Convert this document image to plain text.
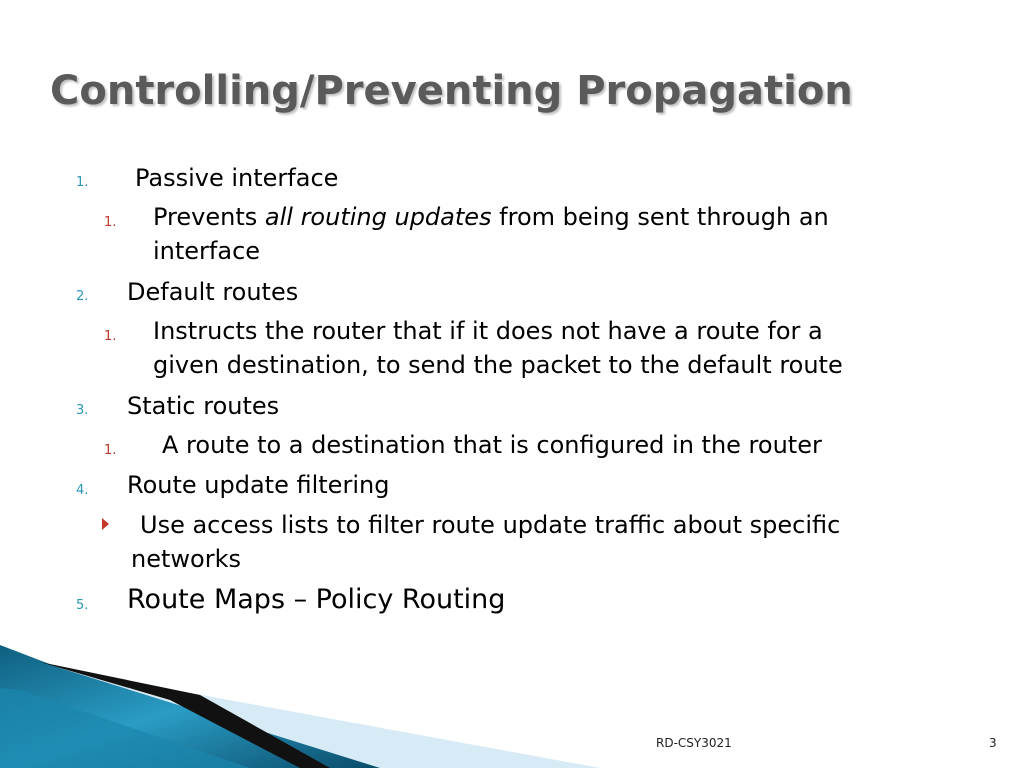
Controlling/Preventing Propagation
1. Passive interface
1. Prevents all routing updates from being sent through an
interface
2. Default routes
1. Instructs the router that if it does not have a route for a
given destination, to send the packet to the default route
3. Static routes
1. A route to a destination that is configured in the router
4. Route update filtering
Use access lists to filter route update traffic about specific
networks
5. Route Maps – Policy Routing
RD-CSY3021	3
